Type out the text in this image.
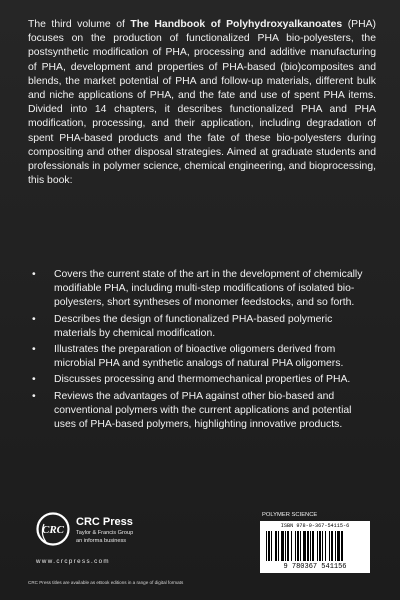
The third volume of The Handbook of Polyhydroxyalkanoates (PHA) focuses on the production of functionalized PHA bio-polyesters, the postsynthetic modification of PHA, processing and additive manufacturing of PHA, development and properties of PHA-based (bio)composites and blends, the market potential of PHA and follow-up materials, different bulk and niche applications of PHA, and the fate and use of spent PHA items. Divided into 14 chapters, it describes functionalized PHA and PHA modification, processing, and their application, including degradation of spent PHA-based products and the fate of these bio-polyesters during compositing and other disposal strategies. Aimed at graduate students and professionals in polymer science, chemical engineering, and bioprocessing, this book:

• Covers the current state of the art in the development of chemically modifiable PHA, including multi-step modifications of isolated bio-polyesters, short syntheses of monomer feedstocks, and so forth.
• Describes the design of functionalized PHA-based polymeric materials by chemical modification.
• Illustrates the preparation of bioactive oligomers derived from microbial PHA and synthetic analogs of natural PHA oligomers.
• Discusses processing and thermomechanical properties of PHA.
• Reviews the advantages of PHA against other bio-based and conventional polymers with the current applications and potential uses of PHA-based polymers, highlighting innovative products.
CRC
CRC Press
Taylor & Francis Group
an informa business
www.crcpress.com
CRC Press titles are available as eBook editions in a range of digital formats
POLYMER SCIENCE
ISBN 978-0-367-54115-6
9 780367 541156
